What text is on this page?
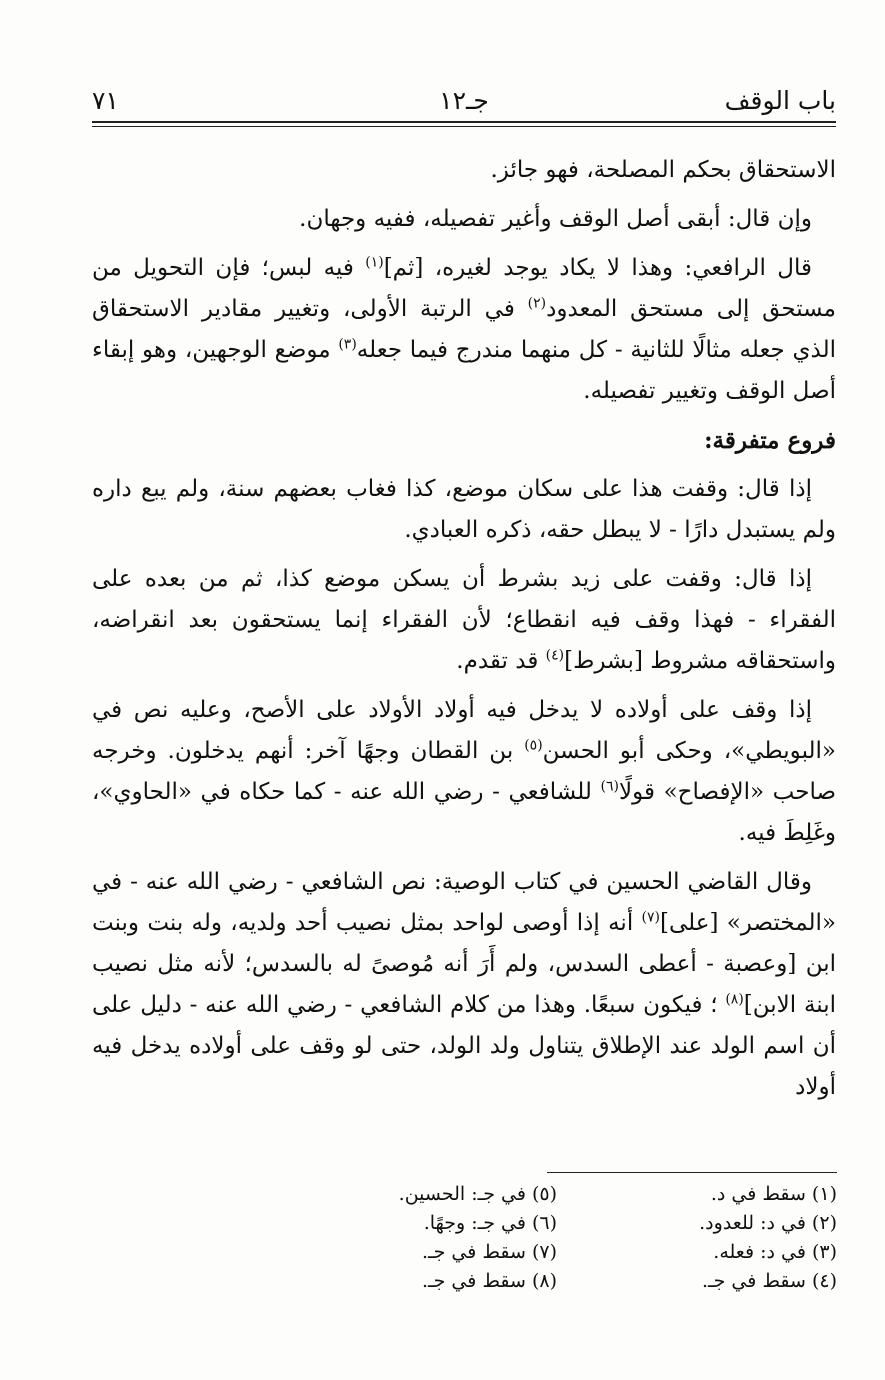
باب الوقف
جـ١٢
٧١

الاستحقاق بحكم المصلحة، فهو جائز.

وإن قال: أبقى أصل الوقف وأغير تفصيله، ففيه وجهان.

قال الرافعي: وهذا لا يكاد يوجد لغيره، [ثم]$^{(١)}$ فيه لبس؛ فإن التحويل من مستحق إلى مستحق المعدود$^{(٢)}$ في الرتبة الأولى، وتغيير مقادير الاستحقاق الذي جعله مثالًا للثانية - كل منهما مندرج فيما جعله$^{(٣)}$ موضع الوجهين، وهو إبقاء أصل الوقف وتغيير تفصيله.

فروع متفرقة:

إذا قال: وقفت هذا على سكان موضع، كذا فغاب بعضهم سنة، ولم يبع داره ولم يستبدل دارًا - لا يبطل حقه، ذكره العبادي.

إذا قال: وقفت على زيد بشرط أن يسكن موضع كذا، ثم من بعده على الفقراء - فهذا وقف فيه انقطاع؛ لأن الفقراء إنما يستحقون بعد انقراضه، واستحقاقه مشروط [بشرط]$^{(٤)}$ قد تقدم.

إذا وقف على أولاده لا يدخل فيه أولاد الأولاد على الأصح، وعليه نص في «البويطي»، وحكى أبو الحسن$^{(٥)}$ بن القطان وجهًا آخر: أنهم يدخلون. وخرجه صاحب «الإفصاح» قولًا$^{(٦)}$ للشافعي - رضي الله عنه - كما حكاه في «الحاوي»، وغَلِطَ فيه.

وقال القاضي الحسين في كتاب الوصية: نص الشافعي - رضي الله عنه - في «المختصر» [على]$^{(٧)}$ أنه إذا أوصى لواحد بمثل نصيب أحد ولديه، وله بنت وبنت ابن [وعصبة - أعطى السدس، ولم أَرَ أنه مُوصىً له بالسدس؛ لأنه مثل نصيب ابنة الابن]$^{(٨)}$ ؛ فيكون سبعًا. وهذا من كلام الشافعي - رضي الله عنه - دليل على أن اسم الولد عند الإطلاق يتناول ولد الولد، حتى لو وقف على أولاده يدخل فيه أولاد

(١) سقط في د.
(٢) في د: للعدود.
(٣) في د: فعله.
(٤) سقط في جـ.
(٥) في جـ: الحسين.
(٦) في جـ: وجهًا.
(٧) سقط في جـ.
(٨) سقط في جـ.
